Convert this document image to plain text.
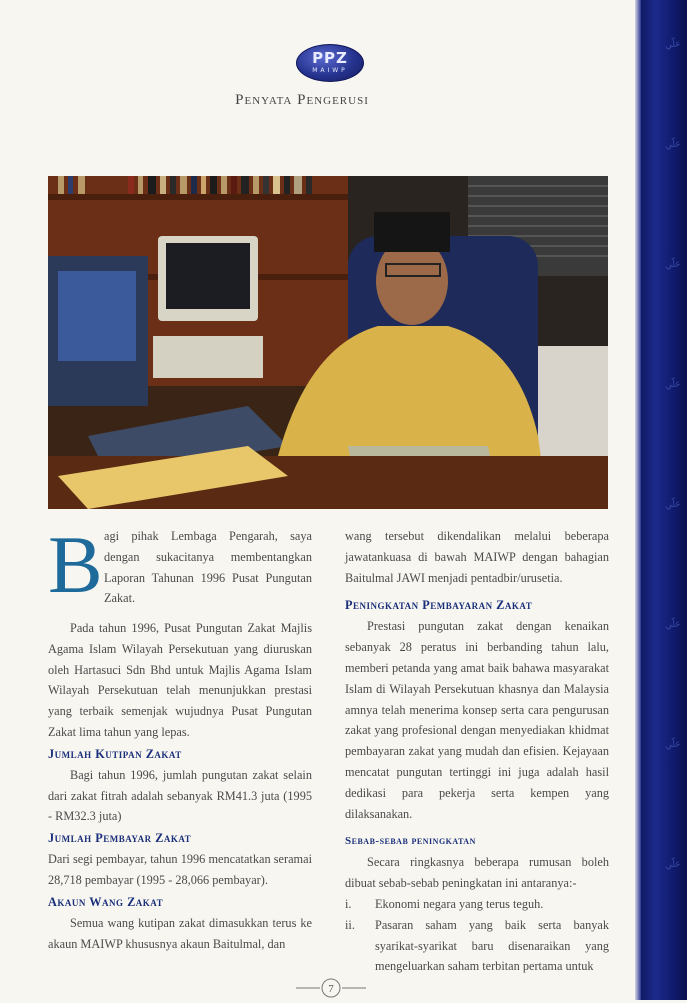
علّي
علّي
علّي
علّي
علّي
علّي
علّي
علّي
PPZ
MAIWP
Penyata Pengerusi
B agi pihak Lembaga Pengarah, saya dengan sukacitanya membentangkan Laporan Tahunan 1996 Pusat Pungutan Zakat.

Pada tahun 1996, Pusat Pungutan Zakat Majlis Agama Islam Wilayah Persekutuan yang diuruskan oleh Hartasuci Sdn Bhd untuk Majlis Agama Islam Wilayah Persekutuan telah menunjukkan prestasi yang terbaik semenjak wujudnya Pusat Pungutan Zakat lima tahun yang lepas.

Jumlah Kutipan Zakat

Bagi tahun 1996, jumlah pungutan zakat selain dari zakat fitrah adalah sebanyak RM41.3 juta (1995 - RM32.3 juta)

Jumlah Pembayar Zakat

Dari segi pembayar, tahun 1996 mencatatkan seramai 28,718 pembayar (1995 - 28,066 pembayar).

Akaun Wang Zakat

Semua wang kutipan zakat dimasukkan terus ke akaun MAIWP khususnya akaun Baitulmal, dan

wang tersebut dikendalikan melalui beberapa jawatankuasa di bawah MAIWP dengan bahagian Baitulmal JAWI menjadi pentadbir/urusetia.

Peningkatan Pembayaran Zakat

Prestasi pungutan zakat dengan kenaikan sebanyak 28 peratus ini berbanding tahun lalu, memberi petanda yang amat baik bahawa masyarakat Islam di Wilayah Persekutuan khasnya dan Malaysia amnya telah menerima konsep serta cara pengurusan zakat yang profesional dengan menyediakan khidmat pembayaran zakat yang mudah dan efisien. Kejayaan mencatat pungutan tertinggi ini juga adalah hasil dedikasi para pekerja serta kempen yang dilaksanakan.

Sebab-sebab peningkatan

Secara ringkasnya beberapa rumusan boleh dibuat sebab-sebab peningkatan ini antaranya:-

i.	Ekonomi negara yang terus teguh.
ii.	Pasaran saham yang baik serta banyak syarikat-syarikat baru disenaraikan yang mengeluarkan saham terbitan pertama untuk
7
